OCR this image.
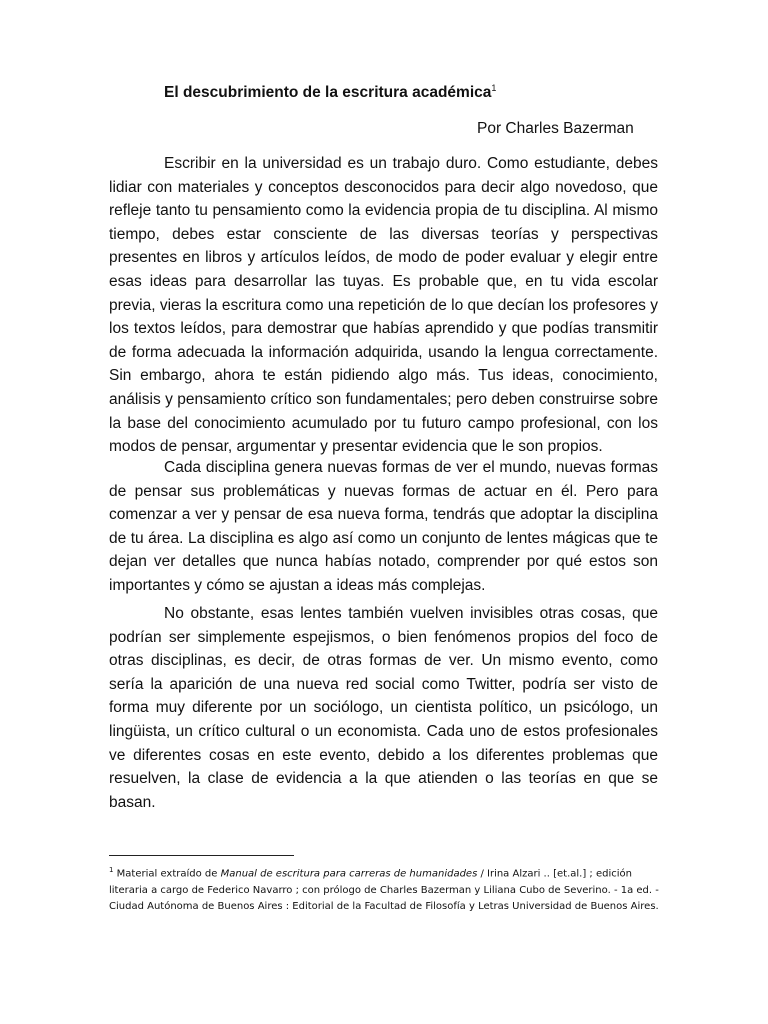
El descubrimiento de la escritura académica$^1$
Por Charles Bazerman

Escribir en la universidad es un trabajo duro. Como estudiante, debes lidiar con materiales y conceptos desconocidos para decir algo novedoso, que refleje tanto tu pensamiento como la evidencia propia de tu disciplina. Al mismo tiempo, debes estar consciente de las diversas teorías y perspectivas presentes en libros y artículos leídos, de modo de poder evaluar y elegir entre esas ideas para desarrollar las tuyas. Es probable que, en tu vida escolar previa, vieras la escritura como una repetición de lo que decían los profesores y los textos leídos, para demostrar que habías aprendido y que podías transmitir de forma adecuada la información adquirida, usando la lengua correctamente. Sin embargo, ahora te están pidiendo algo más. Tus ideas, conocimiento, análisis y pensamiento crítico son fundamentales; pero deben construirse sobre la base del conocimiento acumulado por tu futuro campo profesional, con los modos de pensar, argumentar y presentar evidencia que le son propios.

Cada disciplina genera nuevas formas de ver el mundo, nuevas formas de pensar sus problemáticas y nuevas formas de actuar en él. Pero para comenzar a ver y pensar de esa nueva forma, tendrás que adoptar la disciplina de tu área. La disciplina es algo así como un conjunto de lentes mágicas que te dejan ver detalles que nunca habías notado, comprender por qué estos son importantes y cómo se ajustan a ideas más complejas.

No obstante, esas lentes también vuelven invisibles otras cosas, que podrían ser simplemente espejismos, o bien fenómenos propios del foco de otras disciplinas, es decir, de otras formas de ver. Un mismo evento, como sería la aparición de una nueva red social como Twitter, podría ser visto de forma muy diferente por un sociólogo, un cientista político, un psicólogo, un lingüista, un crítico cultural o un economista. Cada uno de estos profesionales ve diferentes cosas en este evento, debido a los diferentes problemas que resuelven, la clase de evidencia a la que atienden o las teorías en que se basan.

$^1$ Material extraído de Manual de escritura para carreras de humanidades / Irina Alzari .. [et.al.] ; edición literaria a cargo de Federico Navarro ; con prólogo de Charles Bazerman y Liliana Cubo de Severino. - 1a ed. - Ciudad Autónoma de Buenos Aires : Editorial de la Facultad de Filosofía y Letras Universidad de Buenos Aires.
